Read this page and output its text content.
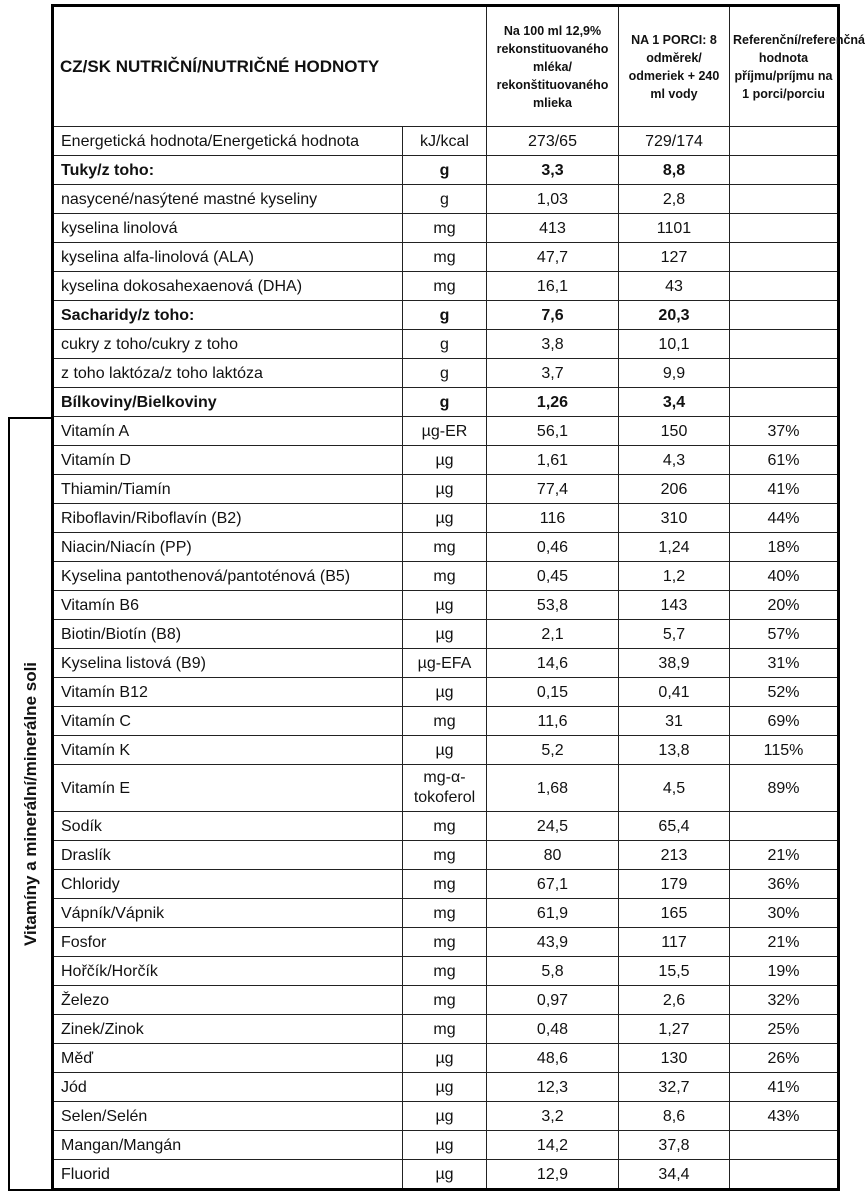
Vitamíny a minerální/minerálne soli
CZ/SK NUTRIČNÍ/NUTRIČNÉ HODNOTY		Na 100 ml 12,9% rekonstituovaného mléka/ rekonštituovaného mlieka	NA 1 PORCI: 8 odměrek/ odmeriek + 240 ml vody	Referenční/referenčná hodnota příjmu/príjmu na 1 porci/porciu
Energetická hodnota/Energetická hodnota	kJ/kcal	273/65	729/174	
Tuky/z toho:	g	3,3	8,8	
nasycené/nasýtené mastné kyseliny	g	1,03	2,8	
kyselina linolová	mg	413	1101	
kyselina alfa-linolová (ALA)	mg	47,7	127	
kyselina dokosahexaenová (DHA)	mg	16,1	43	
Sacharidy/z toho:	g	7,6	20,3	
cukry z toho/cukry z toho	g	3,8	10,1	
z toho laktóza/z toho laktóza	g	3,7	9,9	
Bílkoviny/Bielkoviny	g	1,26	3,4	
Vitamín A	µg-ER	56,1	150	37%
Vitamín D	µg	1,61	4,3	61%
Thiamin/Tiamín	µg	77,4	206	41%
Riboflavin/Riboflavín (B2)	µg	116	310	44%
Niacin/Niacín (PP)	mg	0,46	1,24	18%
Kyselina pantothenová/pantoténová (B5)	mg	0,45	1,2	40%
Vitamín B6	µg	53,8	143	20%
Biotin/Biotín (B8)	µg	2,1	5,7	57%
Kyselina listová (B9)	µg-EFA	14,6	38,9	31%
Vitamín B12	µg	0,15	0,41	52%
Vitamín C	mg	11,6	31	69%
Vitamín K	µg	5,2	13,8	115%
Vitamín E	mg-α-tokoferol	1,68	4,5	89%
Sodík	mg	24,5	65,4	
Draslík	mg	80	213	21%
Chloridy	mg	67,1	179	36%
Vápník/Vápnik	mg	61,9	165	30%
Fosfor	mg	43,9	117	21%
Hořčík/Horčík	mg	5,8	15,5	19%
Železo	mg	0,97	2,6	32%
Zinek/Zinok	mg	0,48	1,27	25%
Měď	µg	48,6	130	26%
Jód	µg	12,3	32,7	41%
Selen/Selén	µg	3,2	8,6	43%
Mangan/Mangán	µg	14,2	37,8	
Fluorid	µg	12,9	34,4	
